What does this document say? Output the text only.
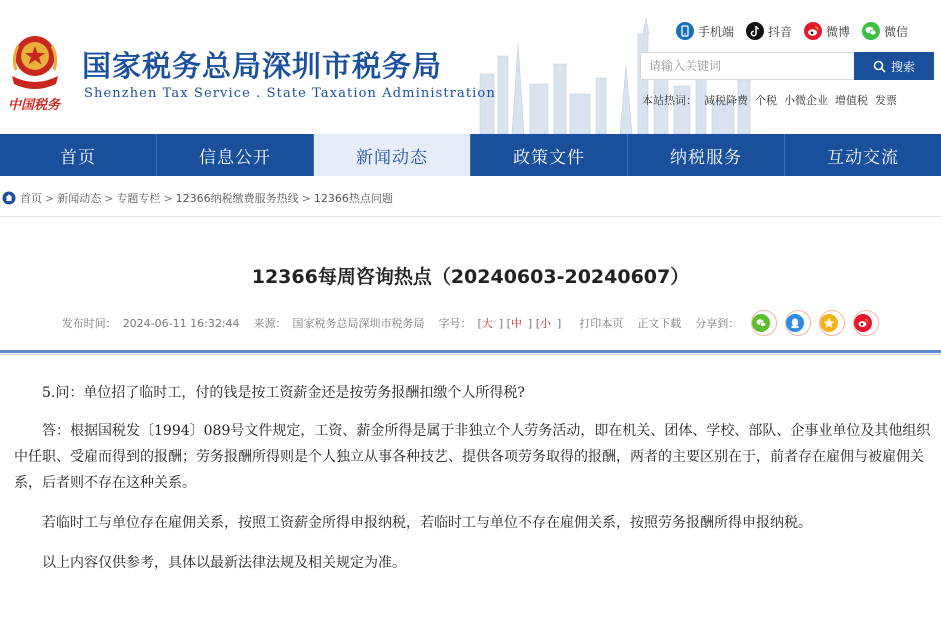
中国税务
国家税务总局深圳市税务局
Shenzhen Tax Service . State Taxation Administration
手机端	抖音	微博	微信
请输入关键词
搜索
本站热词： 减税降费 个税 小微企业 增值税 发票
首页	信息公开	新闻动态	政策文件	纳税服务	互动交流
首页 > 新闻动态 > 专题专栏 > 12366纳税缴费服务热线 > 12366热点问题
12366每周咨询热点（20240603-20240607）
发布时间： 2024-06-11 16:32:44 来源： 国家税务总局深圳市税务局 字号： [大 ] [中 ] [小 ] 打印本页 正文下载 分享到：

5.问：单位招了临时工，付的钱是按工资薪金还是按劳务报酬扣缴个人所得税?

答：根据国税发〔1994〕089号文件规定，工资、薪金所得是属于非独立个人劳务活动，即在机关、团体、学校、部队、企事业单位及其他组织中任职、受雇而得到的报酬；劳务报酬所得则是个人独立从事各种技艺、提供各项劳务取得的报酬，两者的主要区别在于，前者存在雇佣与被雇佣关系，后者则不存在这种关系。

若临时工与单位存在雇佣关系，按照工资薪金所得申报纳税，若临时工与单位不存在雇佣关系，按照劳务报酬所得申报纳税。

以上内容仅供参考，具体以最新法律法规及相关规定为准。
